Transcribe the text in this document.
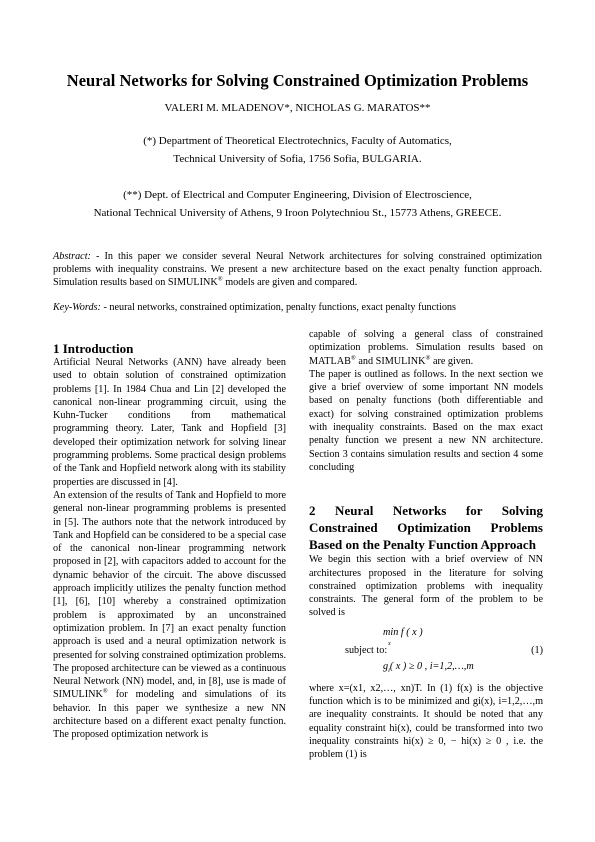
Neural Networks for Solving Constrained Optimization Problems
VALERI M. MLADENOV*, NICHOLAS G. MARATOS**
(*) Department of Theoretical Electrotechnics, Faculty of Automatics,
Technical University of Sofia, 1756 Sofia, BULGARIA.
(**) Dept. of Electrical and Computer Engineering, Division of Electroscience,
National Technical University of Athens, 9 Iroon Polytechniou St., 15773 Athens, GREECE.
Abstract: - In this paper we consider several Neural Network architectures for solving constrained optimization problems with inequality constrains. We present a new architecture based on the exact penalty function approach. Simulation results based on SIMULINK® models are given and compared.
Key-Words: - neural networks, constrained optimization, penalty functions, exact penalty functions
1 Introduction

Artificial Neural Networks (ANN) have already been used to obtain solution of constrained optimization problems [1]. In 1984 Chua and Lin [2] developed the canonical non-linear programming circuit, using the Kuhn-Tucker conditions from mathematical programming theory. Later, Tank and Hopfield [3] developed their optimization network for solving linear programming problems. Some practical design problems of the Tank and Hopfield network along with its stability properties are discussed in [4].

An extension of the results of Tank and Hopfield to more general non-linear programming problems is presented in [5]. The authors note that the network introduced by Tank and Hopfield can be considered to be a special case of the canonical non-linear programming network proposed in [2], with capacitors added to account for the dynamic behavior of the circuit. The above discussed approach implicitly utilizes the penalty function method [1], [6], [10] whereby a constrained optimization problem is approximated by an unconstrained optimization problem. In [7] an exact penalty function approach is used and a neural optimization network is presented for solving constrained optimization problems. The proposed architecture can be viewed as a continuous Neural Network (NN) model, and, in [8], use is made of SIMULINK® for modeling and simulations of its behavior. In this paper we synthesize a new NN architecture based on a different exact penalty function. The proposed optimization network is

capable of solving a general class of constrained optimization problems. Simulation results based on MATLAB® and SIMULINK® are given.

The paper is outlined as follows. In the next section we give a brief overview of some important NN models based on penalty functions (both differentiable and exact) for solving constrained optimization problems with inequality constraints. Based on the max exact penalty function we present a new NN architecture. Section 3 contains simulation results and section 4 some concluding

2 Neural Networks for Solving Constrained Optimization Problems Based on the Penalty Function Approach

We begin this section with a brief overview of NN architectures proposed in the literature for solving constrained optimization problems with inequality constraints. The general form of the problem to be solved is

min f ( x )
x
subject to:	(1)
$g_i$( x ) ≥ 0 , i=1,2,…,m

where x=(x1, x2,…, xn)T. In (1) f(x) is the objective function which is to be minimized and gi(x), i=1,2,…,m are inequality constraints. It should be noted that any equality constraint hi(x), could be transformed into two inequality constraints hi(x) ≥ 0, − hi(x) ≥ 0 , i.e. the problem (1) is
